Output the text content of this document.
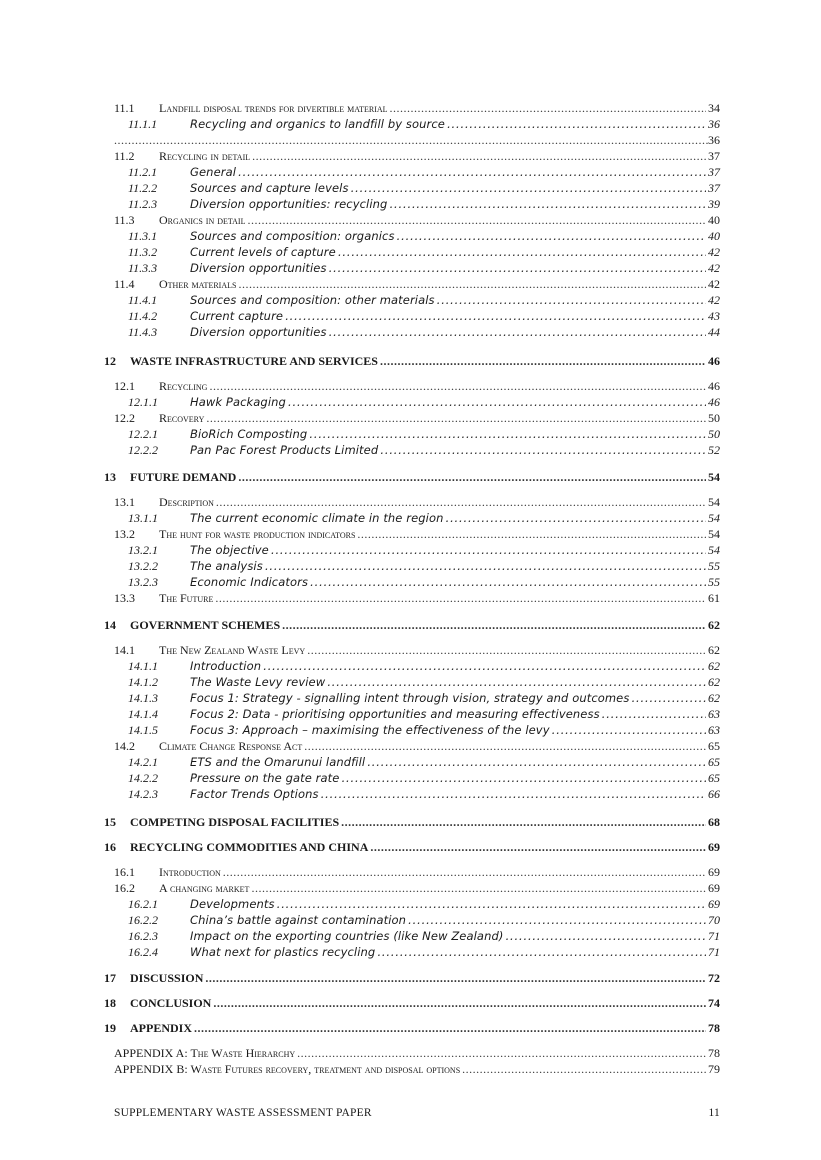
11.1	Landfill disposal trends for divertible material .....	34
11.1.1	Recycling and organics to landfill by source .....	36
.....
36
11.2	Recycling in detail .....	37
11.2.1	General .....	37
11.2.2	Sources and capture levels .....	37
11.2.3	Diversion opportunities: recycling .....	39
11.3	Organics in detail .....	40
11.3.1	Sources and composition: organics .....	40
11.3.2	Current levels of capture .....	42
11.3.3	Diversion opportunities .....	42
11.4	Other materials .....	42
11.4.1	Sources and composition: other materials .....	42
11.4.2	Current capture .....	43
11.4.3	Diversion opportunities .....	44
12	WASTE INFRASTRUCTURE AND SERVICES .....	46
12.1	Recycling .....	46
12.1.1	Hawk Packaging .....	46
12.2	Recovery .....	50
12.2.1	BioRich Composting .....	50
12.2.2	Pan Pac Forest Products Limited .....	52
13	FUTURE DEMAND .....	54
13.1	Description .....	54
13.1.1	The current economic climate in the region .....	54
13.2	The hunt for waste production indicators .....	54
13.2.1	The objective .....	54
13.2.2	The analysis .....	55
13.2.3	Economic Indicators .....	55
13.3	The Future .....	61
14	GOVERNMENT SCHEMES .....	62
14.1	The New Zealand Waste Levy .....	62
14.1.1	Introduction .....	62
14.1.2	The Waste Levy review .....	62
14.1.3	Focus 1: Strategy - signalling intent through vision, strategy and outcomes .....	62
14.1.4	Focus 2: Data - prioritising opportunities and measuring effectiveness .....	63
14.1.5	Focus 3: Approach – maximising the effectiveness of the levy .....	63
14.2	Climate Change Response Act .....	65
14.2.1	ETS and the Omarunui landfill .....	65
14.2.2	Pressure on the gate rate .....	65
14.2.3	Factor Trends Options .....	66
15	COMPETING DISPOSAL FACILITIES .....	68
16	RECYCLING COMMODITIES AND CHINA .....	69
16.1	Introduction .....	69
16.2	A changing market .....	69
16.2.1	Developments .....	69
16.2.2	China’s battle against contamination .....	70
16.2.3	Impact on the exporting countries (like New Zealand) .....	71
16.2.4	What next for plastics recycling .....	71
17	DISCUSSION .....	72
18	CONCLUSION .....	74
19	APPENDIX .....	78
APPENDIX A: The Waste Hierarchy .....	78
APPENDIX B: Waste Futures recovery, treatment and disposal options .....	79
SUPPLEMENTARY WASTE ASSESSMENT PAPER	11
